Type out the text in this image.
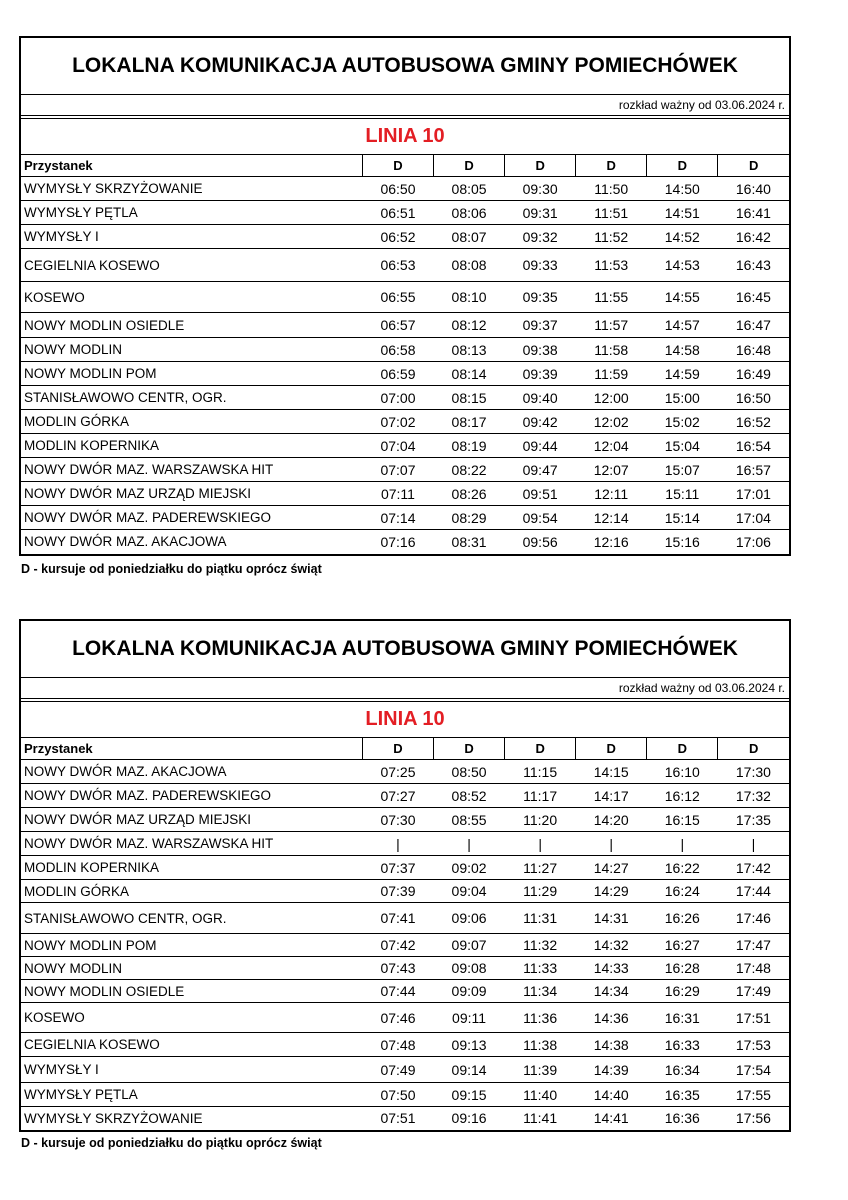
LOKALNA KOMUNIKACJA AUTOBUSOWA GMINY POMIECHÓWEK
rozkład ważny od 03.06.2024 r.
LINIA 10
Przystanek	D	D	D	D	D	D
WYMYSŁY SKRZYŻOWANIE	06:50	08:05	09:30	11:50	14:50	16:40
WYMYSŁY PĘTLA	06:51	08:06	09:31	11:51	14:51	16:41
WYMYSŁY I	06:52	08:07	09:32	11:52	14:52	16:42
CEGIELNIA KOSEWO	06:53	08:08	09:33	11:53	14:53	16:43
KOSEWO	06:55	08:10	09:35	11:55	14:55	16:45
NOWY MODLIN OSIEDLE	06:57	08:12	09:37	11:57	14:57	16:47
NOWY MODLIN	06:58	08:13	09:38	11:58	14:58	16:48
NOWY MODLIN POM	06:59	08:14	09:39	11:59	14:59	16:49
STANISŁAWOWO CENTR, OGR.	07:00	08:15	09:40	12:00	15:00	16:50
MODLIN GÓRKA	07:02	08:17	09:42	12:02	15:02	16:52
MODLIN KOPERNIKA	07:04	08:19	09:44	12:04	15:04	16:54
NOWY DWÓR MAZ. WARSZAWSKA HIT	07:07	08:22	09:47	12:07	15:07	16:57
NOWY DWÓR MAZ URZĄD MIEJSKI	07:11	08:26	09:51	12:11	15:11	17:01
NOWY DWÓR MAZ. PADEREWSKIEGO	07:14	08:29	09:54	12:14	15:14	17:04
NOWY DWÓR MAZ. AKACJOWA	07:16	08:31	09:56	12:16	15:16	17:06
D - kursuje od poniedziałku do piątku oprócz świąt
LOKALNA KOMUNIKACJA AUTOBUSOWA GMINY POMIECHÓWEK
rozkład ważny od 03.06.2024 r.
LINIA 10
Przystanek	D	D	D	D	D	D
NOWY DWÓR MAZ. AKACJOWA	07:25	08:50	11:15	14:15	16:10	17:30
NOWY DWÓR MAZ. PADEREWSKIEGO	07:27	08:52	11:17	14:17	16:12	17:32
NOWY DWÓR MAZ URZĄD MIEJSKI	07:30	08:55	11:20	14:20	16:15	17:35
NOWY DWÓR MAZ. WARSZAWSKA HIT	|	|	|	|	|	|
MODLIN KOPERNIKA	07:37	09:02	11:27	14:27	16:22	17:42
MODLIN GÓRKA	07:39	09:04	11:29	14:29	16:24	17:44
STANISŁAWOWO CENTR, OGR.	07:41	09:06	11:31	14:31	16:26	17:46
NOWY MODLIN POM	07:42	09:07	11:32	14:32	16:27	17:47
NOWY MODLIN	07:43	09:08	11:33	14:33	16:28	17:48
NOWY MODLIN OSIEDLE	07:44	09:09	11:34	14:34	16:29	17:49
KOSEWO	07:46	09:11	11:36	14:36	16:31	17:51
CEGIELNIA KOSEWO	07:48	09:13	11:38	14:38	16:33	17:53
WYMYSŁY I	07:49	09:14	11:39	14:39	16:34	17:54
WYMYSŁY PĘTLA	07:50	09:15	11:40	14:40	16:35	17:55
WYMYSŁY SKRZYŻOWANIE	07:51	09:16	11:41	14:41	16:36	17:56
D - kursuje od poniedziałku do piątku oprócz świąt
